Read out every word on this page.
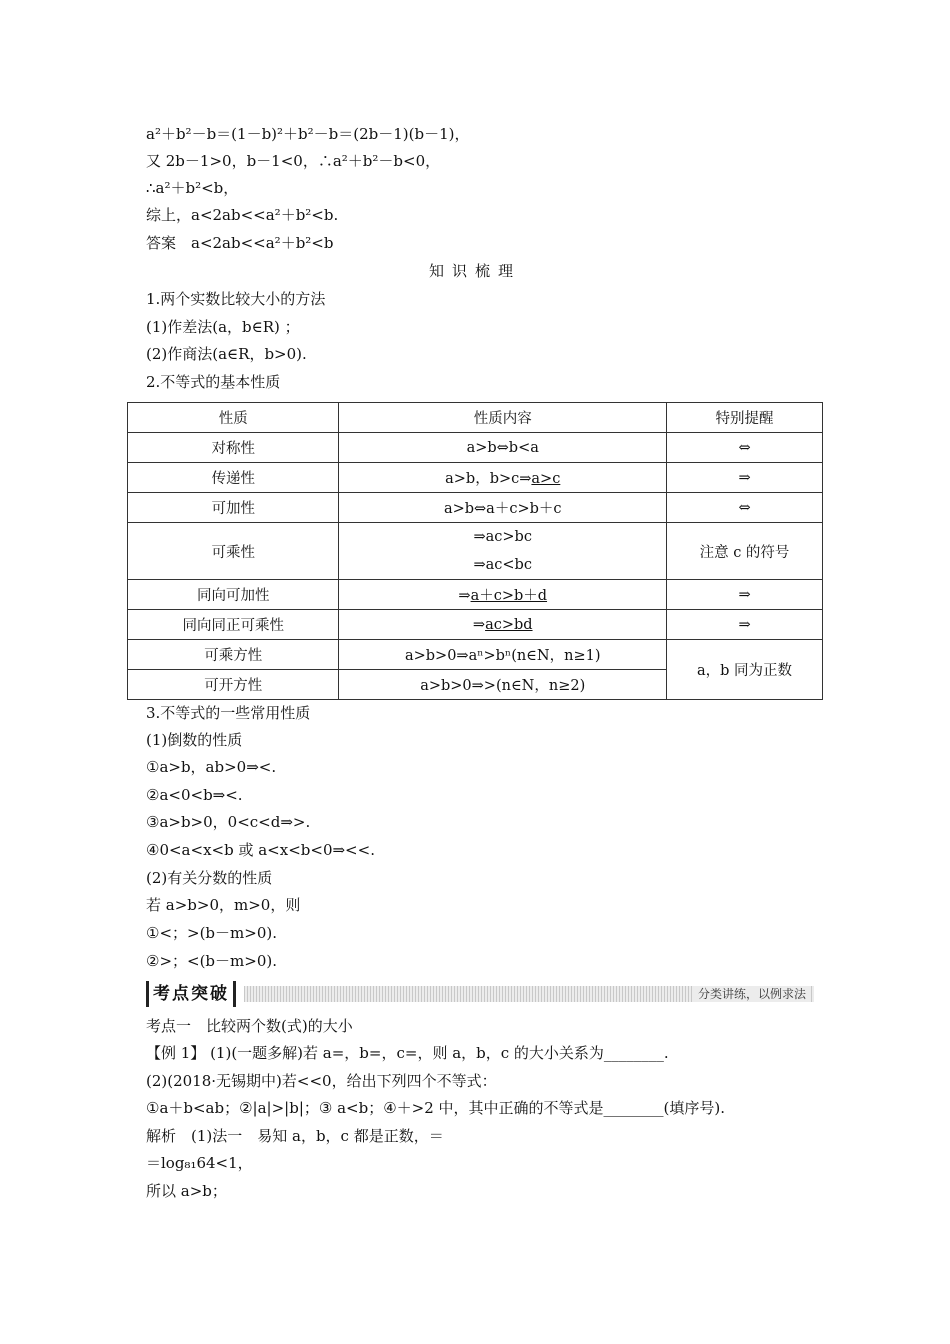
a²＋b²－b＝(1－b)²＋b²－b＝(2b－1)(b－1)，
又 2b－1>0，b－1<0，∴a²＋b²－b<0，
∴a²＋b²<b，
综上，a<2ab<<a²＋b²<b.
答案　a<2ab<<a²＋b²<b
知识梳理
1.两个实数比较大小的方法
(1)作差法(a，b∈R) ；
(2)作商法(a∈R，b>0).
2.不等式的基本性质
性质	性质内容	特别提醒
对称性	a>b⇔b<a	⇔
传递性	a>b，b>c⇒a>c	⇒
可加性	a>b⇔a＋c>b＋c	⇔
可乘性	⇒ac>bc
⇒ac<bc	注意 c 的符号
同向可加性	⇒a＋c>b＋d	⇒
同向同正可乘性	⇒ac>bd	⇒
可乘方性	a>b>0⇒aⁿ>bⁿ(n∈N，n≥1)	a，b 同为正数
可开方性	a>b>0⇒>(n∈N，n≥2)	
3.不等式的一些常用性质
(1)倒数的性质
①a>b，ab>0⇒<.
②a<0<b⇒<.
③a>b>0，0<c<d⇒>.
④0<a<x<b 或 a<x<b<0⇒<<.
(2)有关分数的性质
若 a>b>0，m>0，则
①<；>(b－m>0).
②>；<(b－m>0).
考点突破	分类讲练，以例求法
考点一　比较两个数(式)的大小
【例 1】 (1)(一题多解)若 a=，b=，c=，则 a，b，c 的大小关系为________.
(2)(2018·无锡期中)若<<0，给出下列四个不等式：
①a＋b<ab；②|a|>|b|；③ a<b；④＋>2 中，其中正确的不等式是________(填序号).
解析　(1)法一　易知 a，b，c 都是正数，＝
＝log₈₁64<1，
所以 a>b；
